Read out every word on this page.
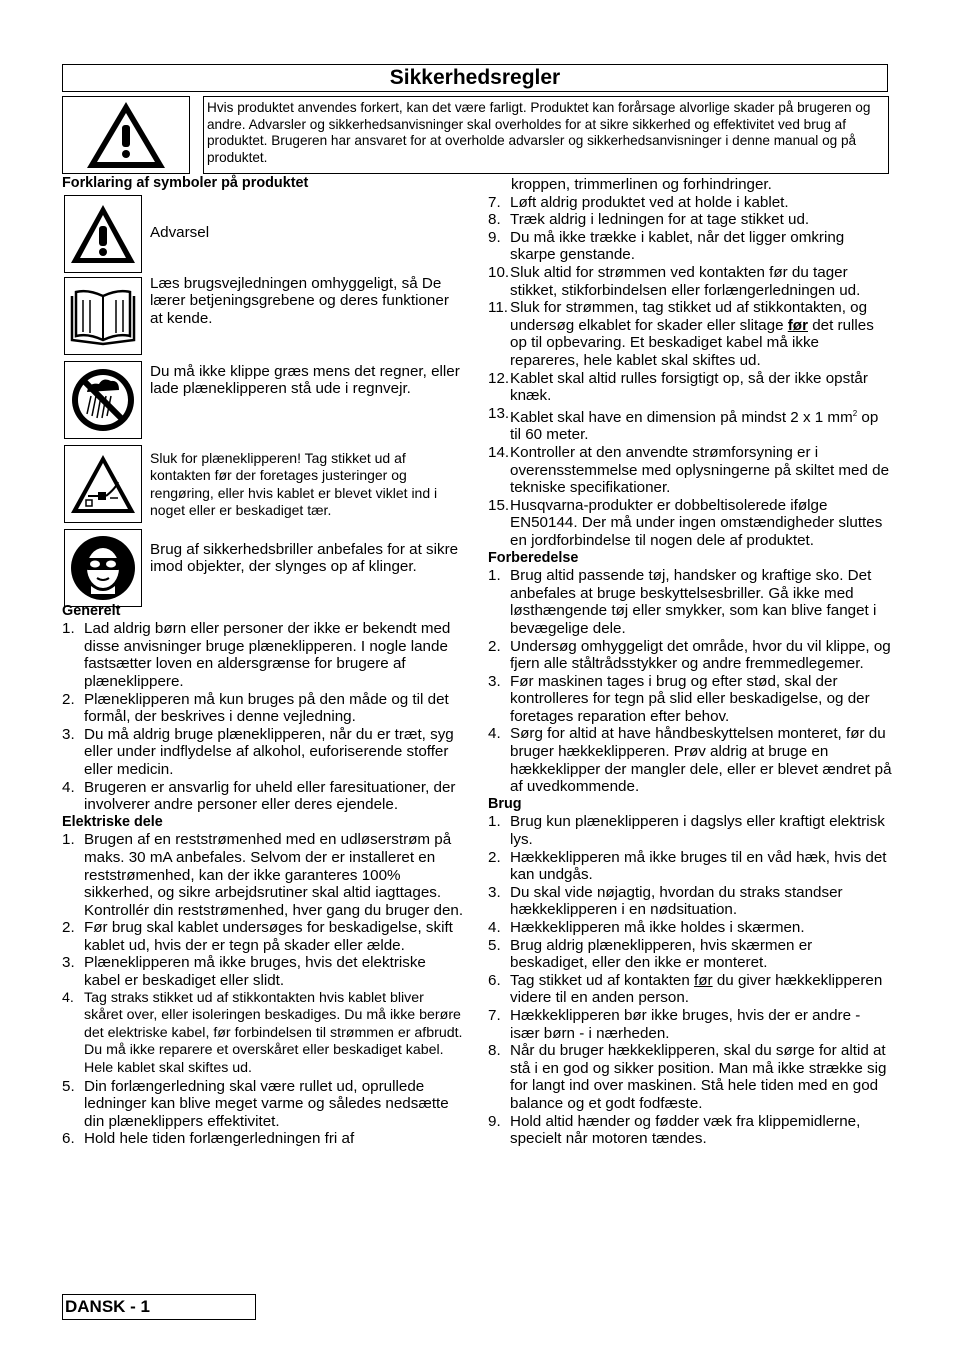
Sikkerhedsregler
Hvis produktet anvendes forkert, kan det være farligt. Produktet kan forårsage alvorlige skader på brugeren og andre. Advarsler og sikkerhedsanvisninger skal overholdes for at sikre sikkerhed og effektivitet ved brug af produktet. Brugeren har ansvaret for at overholde advarsler og sikkerhedsanvisninger i denne manual og på produktet.
Forklaring af symboler på produktet
Advarsel
Læs brugsvejledningen omhyggeligt, så De lærer betjeningsgrebene og deres funktioner at kende.
Du må ikke klippe græs mens det regner, eller lade plæneklipperen stå ude i regnvejr.
Sluk for plæneklipperen! Tag stikket ud af kontakten før der foretages justeringer og rengøring, eller hvis kablet er blevet viklet ind i noget eller er beskadiget tær.
Brug af sikkerhedsbriller anbefales for at sikre imod objekter, der slynges op af klinger.
Generelt
1. Lad aldrig børn eller personer der ikke er bekendt med disse anvisninger bruge plæneklipperen. I nogle lande fastsætter loven en aldersgrænse for brugere af plæneklippere.
2. Plæneklipperen må kun bruges på den måde og til det formål, der beskrives i denne vejledning.
3. Du må aldrig bruge plæneklipperen, når du er træt, syg eller under indflydelse af alkohol, euforiserende stoffer eller medicin.
4. Brugeren er ansvarlig for uheld eller faresituationer, der involverer andre personer eller deres ejendele.
Elektriske dele
1. Brugen af en reststrømenhed med en udløserstrøm på maks. 30 mA anbefales. Selvom der er installeret en reststrømenhed, kan der ikke garanteres 100% sikkerhed, og sikre arbejdsrutiner skal altid iagttages. Kontrollér din reststrømenhed, hver gang du bruger den.
2. Før brug skal kablet undersøges for beskadigelse, skift kablet ud, hvis der er tegn på skader eller ælde.
3. Plæneklipperen må ikke bruges, hvis det elektriske kabel er beskadiget eller slidt.
4. Tag straks stikket ud af stikkontakten hvis kablet bliver skåret over, eller isoleringen beskadiges. Du må ikke berøre det elektriske kabel, før forbindelsen til strømmen er afbrudt. Du må ikke reparere et overskåret eller beskadiget kabel. Hele kablet skal skiftes ud.
5. Din forlængerledning skal være rullet ud, oprullede ledninger kan blive meget varme og således nedsætte din plæneklippers effektivitet.
6. Hold hele tiden forlængerledningen fri af
kroppen, trimmerlinen og forhindringer.
7. Løft aldrig produktet ved at holde i kablet.
8. Træk aldrig i ledningen for at tage stikket ud.
9. Du må ikke trække i kablet, når det ligger omkring skarpe genstande.
10. Sluk altid for strømmen ved kontakten før du tager stikket, stikforbindelsen eller forlængerledningen ud.
11. Sluk for strømmen, tag stikket ud af stikkontakten, og undersøg elkablet for skader eller slitage før det rulles op til opbevaring. Et beskadiget kabel må ikke repareres, hele kablet skal skiftes ud.
12. Kablet skal altid rulles forsigtigt op, så der ikke opstår knæk.
13. Kablet skal have en dimension på mindst 2 x 1 $mm^2$ op til 60 meter.
14. Kontroller at den anvendte strømforsyning er i overensstemmelse med oplysningerne på skiltet med de tekniske specifikationer.
15. Husqvarna-produkter er dobbeltisolerede ifølge EN50144. Der må under ingen omstændigheder sluttes en jordforbindelse til nogen dele af produktet.
Forberedelse
1. Brug altid passende tøj, handsker og kraftige sko. Det anbefales at bruge beskyttelsesbriller. Gå ikke med løsthængende tøj eller smykker, som kan blive fanget i bevægelige dele.
2. Undersøg omhyggeligt det område, hvor du vil klippe, og fjern alle ståltrådsstykker og andre fremmedlegemer.
3. Før maskinen tages i brug og efter stød, skal der kontrolleres for tegn på slid eller beskadigelse, og der foretages reparation efter behov.
4. Sørg for altid at have håndbeskyttelsen monteret, før du bruger hækkeklipperen. Prøv aldrig at bruge en hækkeklipper der mangler dele, eller er blevet ændret på af uvedkommende.
Brug
1. Brug kun plæneklipperen i dagslys eller kraftigt elektrisk lys.
2. Hækkeklipperen må ikke bruges til en våd hæk, hvis det kan undgås.
3. Du skal vide nøjagtig, hvordan du straks standser hækkeklipperen i en nødsituation.
4. Hækkeklipperen må ikke holdes i skærmen.
5. Brug aldrig plæneklipperen, hvis skærmen er beskadiget, eller den ikke er monteret.
6. Tag stikket ud af kontakten før du giver hækkeklipperen videre til en anden person.
7. Hækkeklipperen bør ikke bruges, hvis der er andre - især børn - i nærheden.
8. Når du bruger hækkeklipperen, skal du sørge for altid at stå i en god og sikker position. Man må ikke strække sig for langt ind over maskinen. Stå hele tiden med en god balance og et godt fodfæste.
9. Hold altid hænder og fødder væk fra klippemidlerne, specielt når motoren tændes.
DANSK - 1
